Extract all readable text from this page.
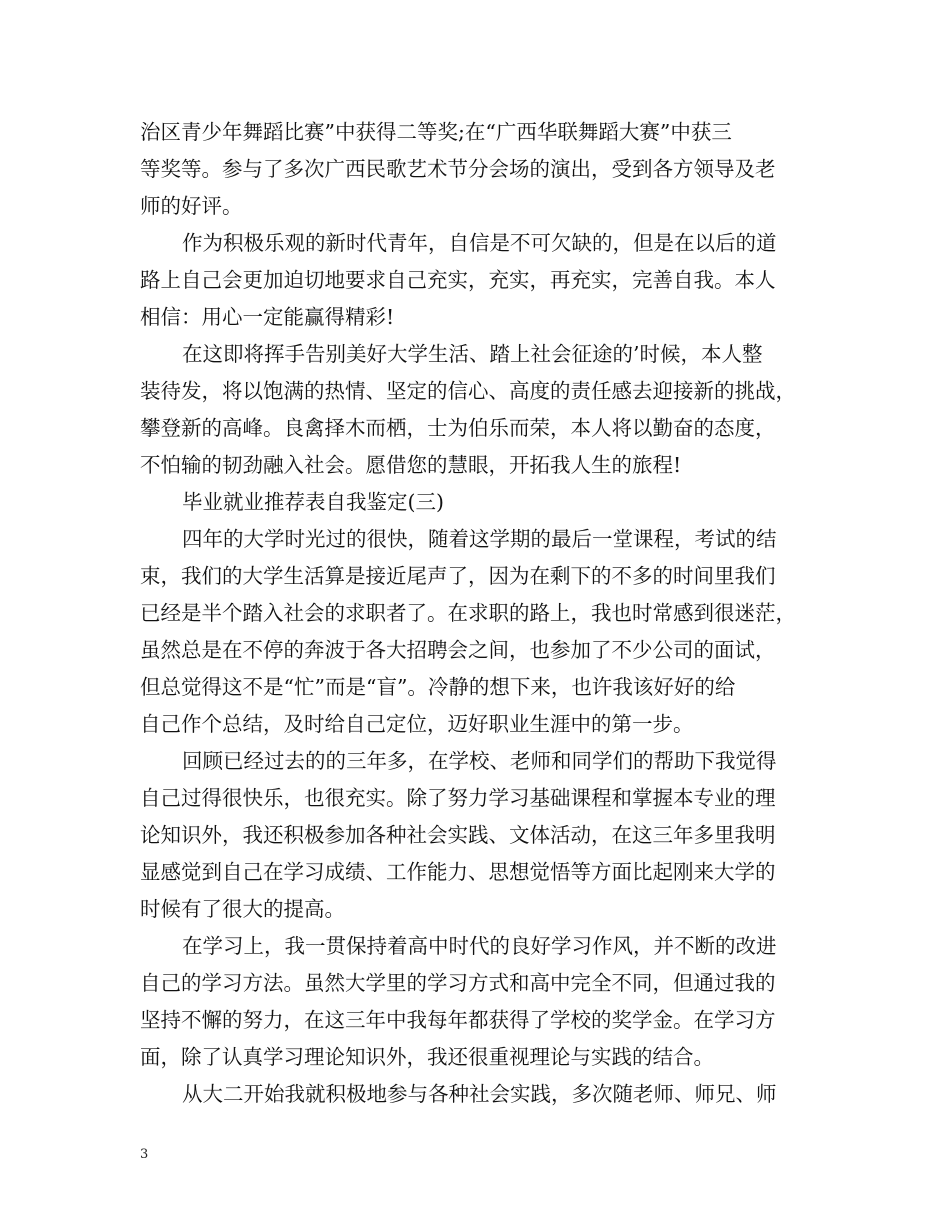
治区青少年舞蹈比赛”中获得二等奖;在“广西华联舞蹈大赛”中获三
等奖等。参与了多次广西民歌艺术节分会场的演出，受到各方领导及老
师的好评。
作为积极乐观的新时代青年，自信是不可欠缺的，但是在以后的道
路上自己会更加迫切地要求自己充实，充实，再充实，完善自我。本人
相信：用心一定能赢得精彩!
在这即将挥手告别美好大学生活、踏上社会征途的’时候，本人整
装待发，将以饱满的热情、坚定的信心、高度的责任感去迎接新的挑战，
攀登新的高峰。良禽择木而栖，士为伯乐而荣，本人将以勤奋的态度，
不怕输的韧劲融入社会。愿借您的慧眼，开拓我人生的旅程!
毕业就业推荐表自我鉴定(三)
四年的大学时光过的很快，随着这学期的最后一堂课程，考试的结
束，我们的大学生活算是接近尾声了，因为在剩下的不多的时间里我们
已经是半个踏入社会的求职者了。在求职的路上，我也时常感到很迷茫，
虽然总是在不停的奔波于各大招聘会之间，也参加了不少公司的面试，
但总觉得这不是“忙”而是“盲”。冷静的想下来，也许我该好好的给
自己作个总结，及时给自己定位，迈好职业生涯中的第一步。
回顾已经过去的的三年多，在学校、老师和同学们的帮助下我觉得
自己过得很快乐，也很充实。除了努力学习基础课程和掌握本专业的理
论知识外，我还积极参加各种社会实践、文体活动，在这三年多里我明
显感觉到自己在学习成绩、工作能力、思想觉悟等方面比起刚来大学的
时候有了很大的提高。
在学习上，我一贯保持着高中时代的良好学习作风，并不断的改进
自己的学习方法。虽然大学里的学习方式和高中完全不同，但通过我的
坚持不懈的努力，在这三年中我每年都获得了学校的奖学金。在学习方
面，除了认真学习理论知识外，我还很重视理论与实践的结合。
从大二开始我就积极地参与各种社会实践，多次随老师、师兄、师
3
